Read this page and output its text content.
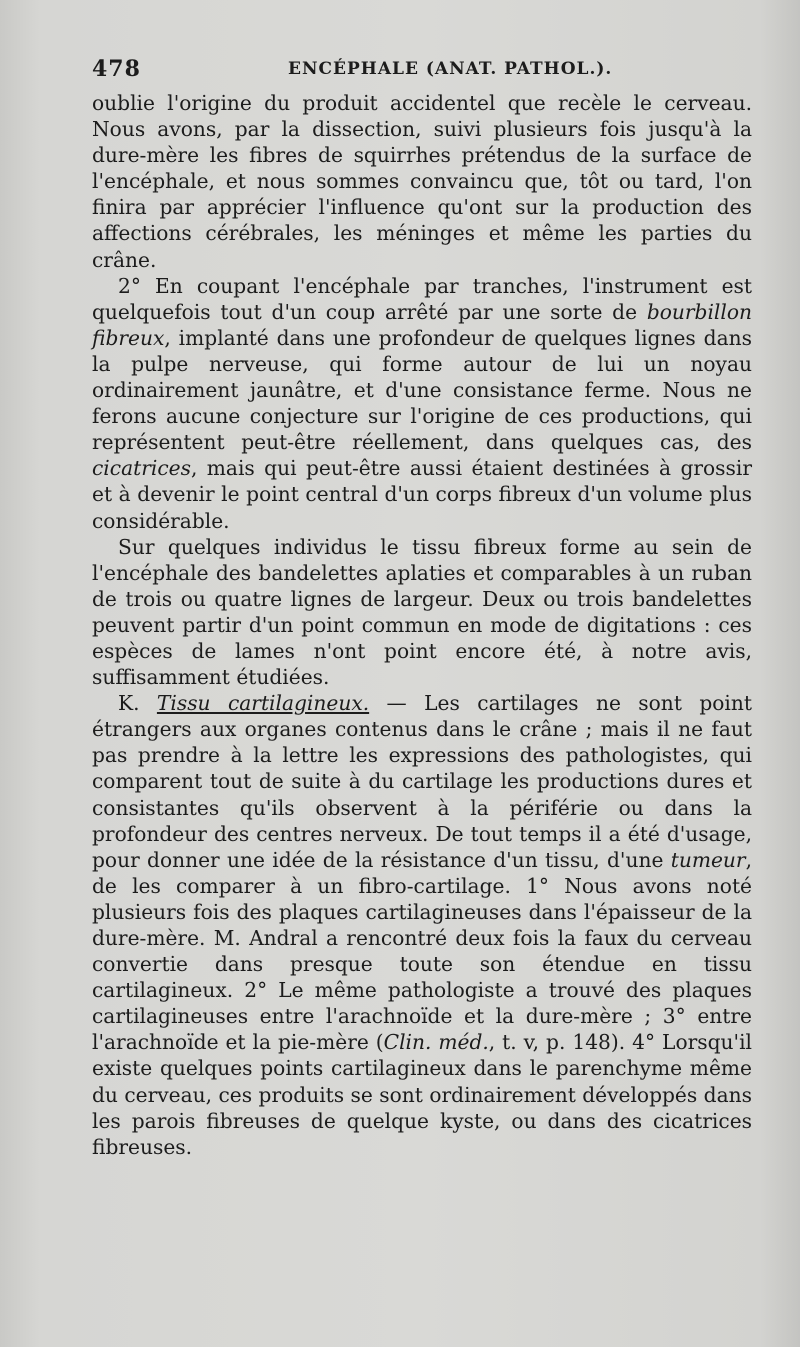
478	ENCÉPHALE (ANAT. PATHOL.).

oublie l'origine du produit accidentel que recèle le cerveau. Nous avons, par la dissection, suivi plusieurs fois jusqu'à la dure-mère les fibres de squirrhes prétendus de la surface de l'encéphale, et nous sommes convaincu que, tôt ou tard, l'on finira par apprécier l'influence qu'ont sur la production des affections cérébrales, les méninges et même les parties du crâne.

2° En coupant l'encéphale par tranches, l'instrument est quelquefois tout d'un coup arrêté par une sorte de bourbillon fibreux, implanté dans une profondeur de quelques lignes dans la pulpe nerveuse, qui forme autour de lui un noyau ordinairement jaunâtre, et d'une consistance ferme. Nous ne ferons aucune conjecture sur l'origine de ces productions, qui représentent peut-être réellement, dans quelques cas, des cicatrices, mais qui peut-être aussi étaient destinées à grossir et à devenir le point central d'un corps fibreux d'un volume plus considérable.

Sur quelques individus le tissu fibreux forme au sein de l'encéphale des bandelettes aplaties et comparables à un ruban de trois ou quatre lignes de largeur. Deux ou trois bandelettes peuvent partir d'un point commun en mode de digitations : ces espèces de lames n'ont point encore été, à notre avis, suffisamment étudiées.

K. Tissu cartilagineux. — Les cartilages ne sont point étrangers aux organes contenus dans le crâne ; mais il ne faut pas prendre à la lettre les expressions des pathologistes, qui comparent tout de suite à du cartilage les productions dures et consistantes qu'ils observent à la périférie ou dans la profondeur des centres nerveux. De tout temps il a été d'usage, pour donner une idée de la résistance d'un tissu, d'une tumeur, de les comparer à un fibro-cartilage. 1° Nous avons noté plusieurs fois des plaques cartilagineuses dans l'épaisseur de la dure-mère. M. Andral a rencontré deux fois la faux du cerveau convertie dans presque toute son étendue en tissu cartilagineux. 2° Le même pathologiste a trouvé des plaques cartilagineuses entre l'arachnoïde et la dure-mère ; 3° entre l'arachnoïde et la pie-mère (Clin. méd., t. v, p. 148). 4° Lorsqu'il existe quelques points cartilagineux dans le parenchyme même du cerveau, ces produits se sont ordinairement développés dans les parois fibreuses de quelque kyste, ou dans des cicatrices fibreuses.
